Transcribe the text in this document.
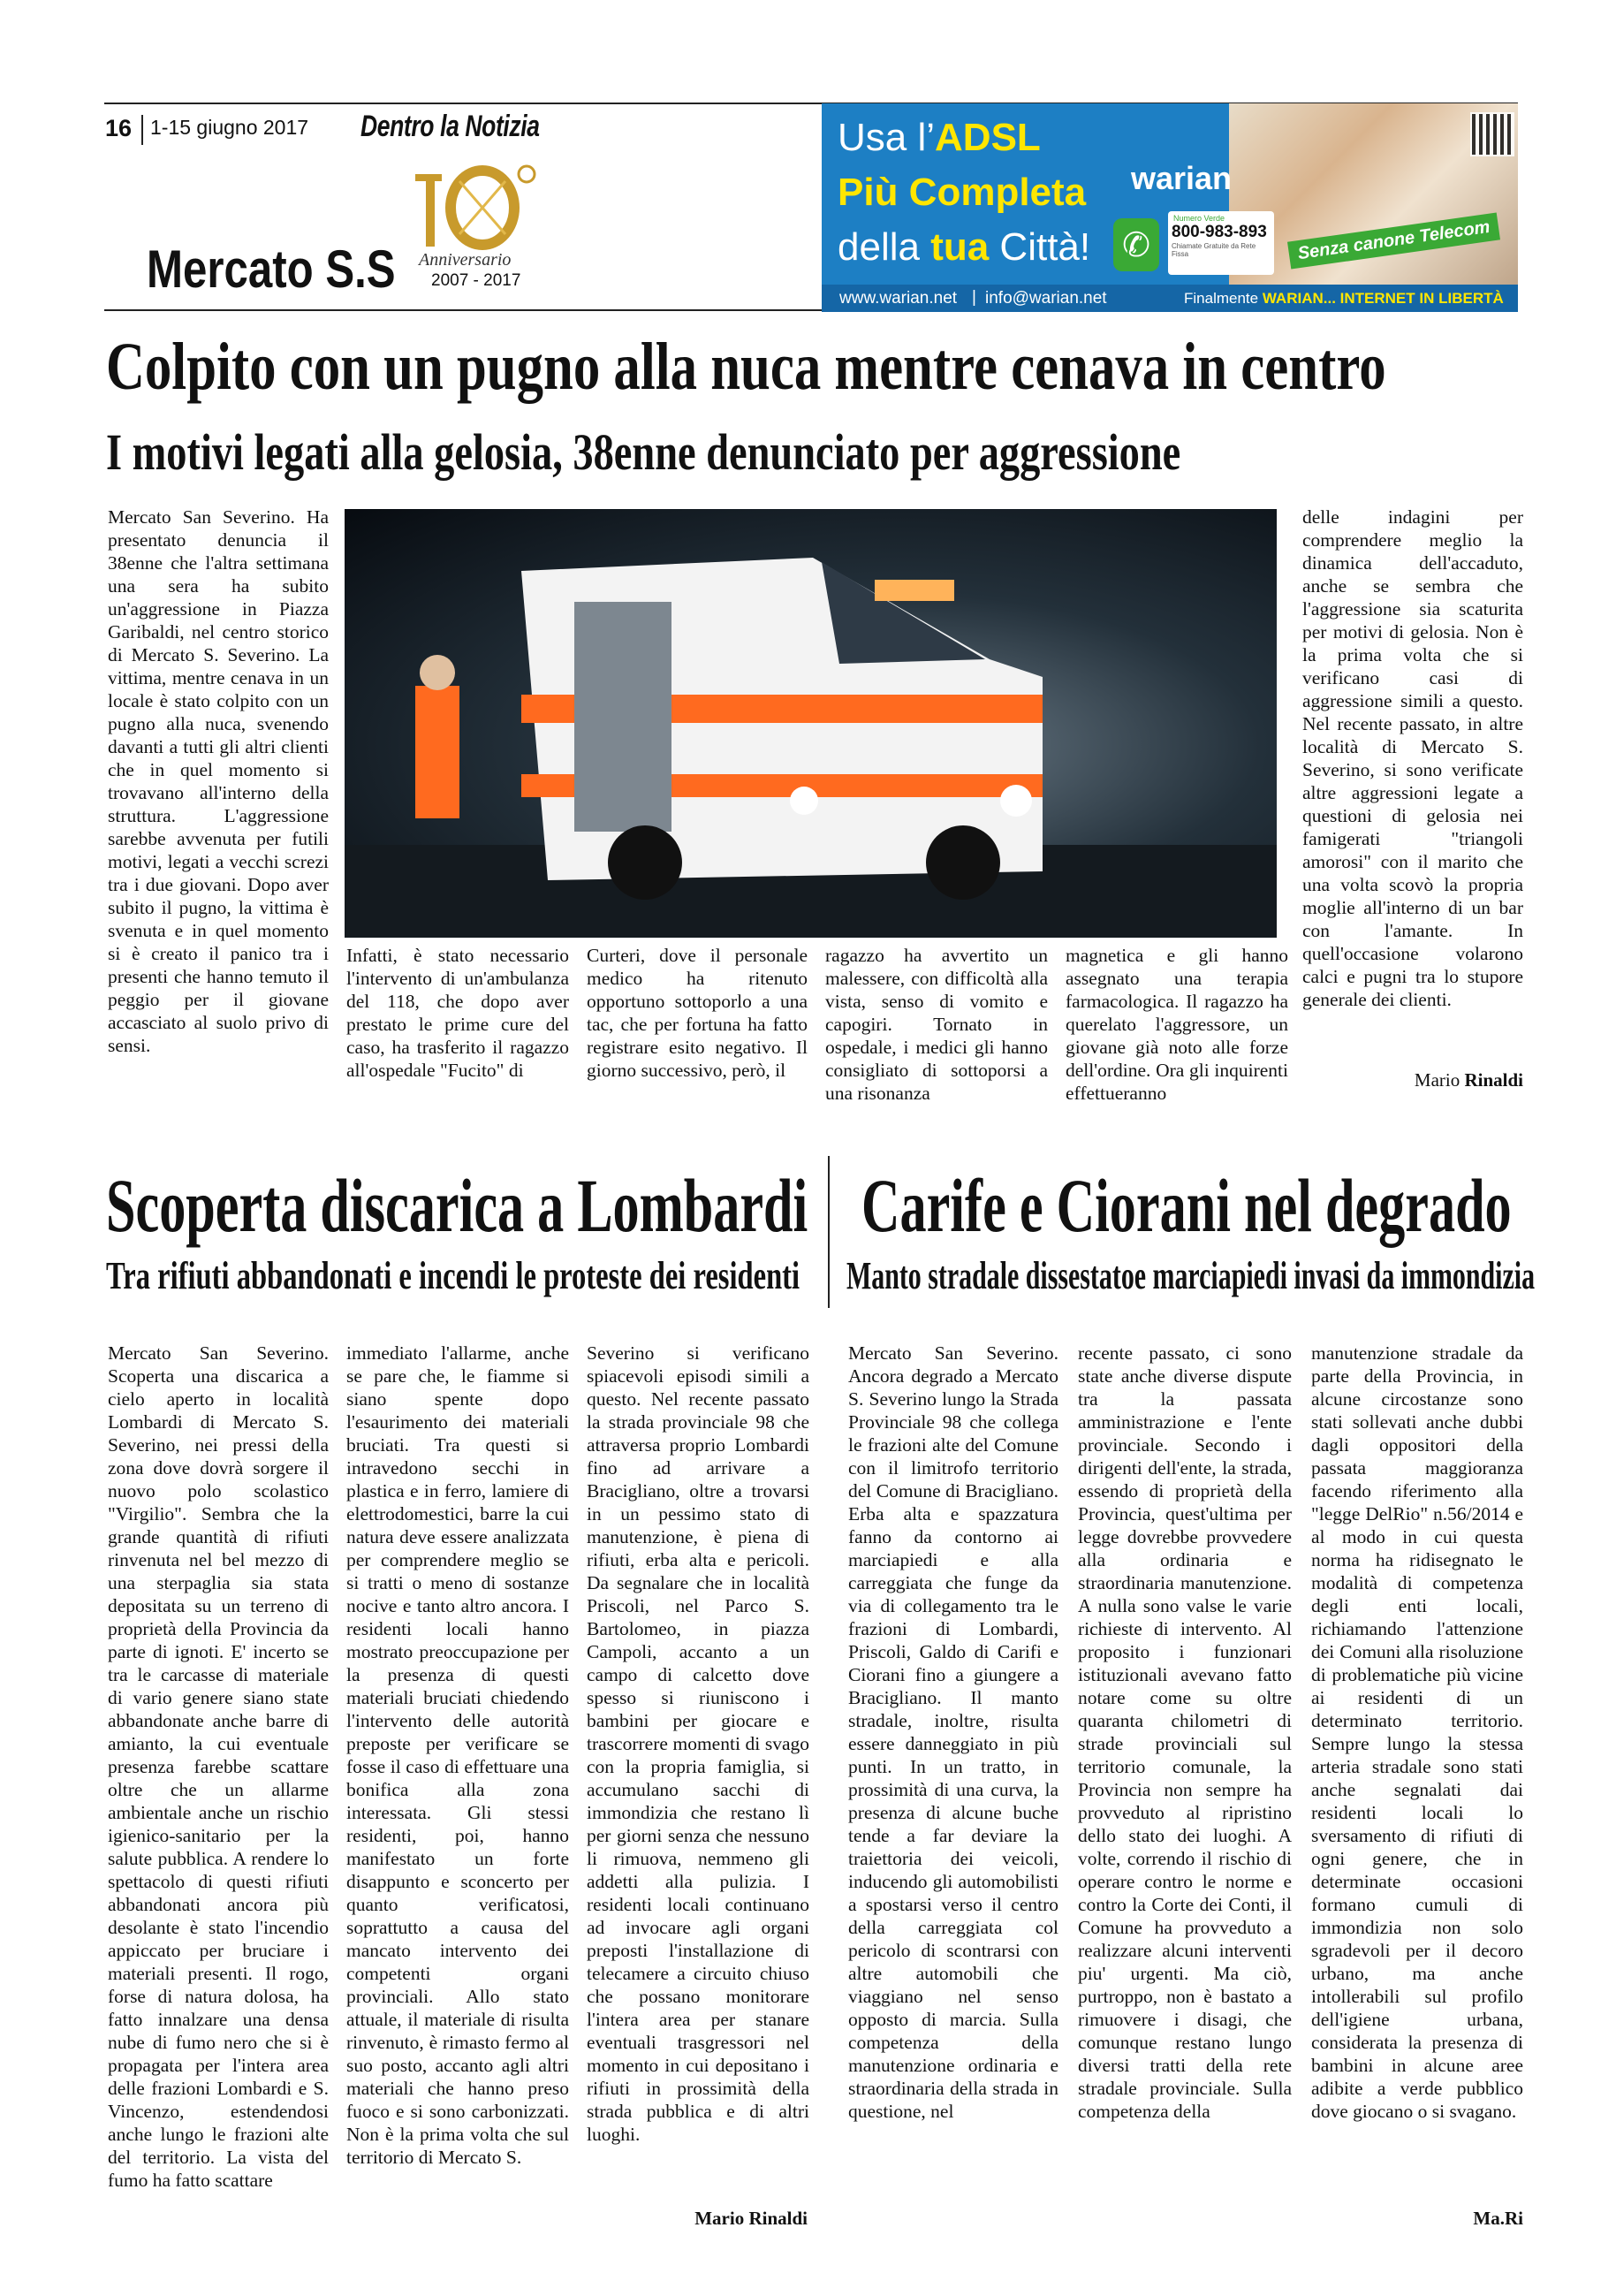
16 1-15 giugno 2017 Dentro la Notizia
Anniversario
2007 - 2017
Mercato S.S
Usa l’ADSL
Più Completa
della tua Città! ✆
warian
Numero Verde
800-983-893
Chiamate Gratuite da Rete Fissa	Senza canone Telecom
www.warian.net | info@warian.net	Finalmente WARIAN... INTERNET IN LIBERTÀ
Colpito con un pugno alla nuca mentre cenava in centro
I motivi legati alla gelosia, 38enne denunciato per aggressione
Mercato San Severino. Ha presentato denuncia il 38enne che l'altra settimana una sera ha subito un'aggressione in Piazza Garibaldi, nel centro storico di Mercato S. Severino. La vittima, mentre cenava in un locale è stato colpito con un pugno alla nuca, svenendo davanti a tutti gli altri clienti che in quel momento si trovavano all'interno della struttura. L'aggressione sarebbe avvenuta per futili motivi, legati a vecchi screzi tra i due giovani. Dopo aver subito il pugno, la vittima è svenuta e in quel momento si è creato il panico tra i presenti che hanno temuto il peggio per il giovane accasciato al suolo privo di sensi.
Infatti, è stato necessario l'intervento di un'ambulanza del 118, che dopo aver prestato le prime cure del caso, ha trasferito il ragazzo all'ospedale "Fucito" di
Curteri, dove il personale medico ha ritenuto opportuno sottoporlo a una tac, che per fortuna ha fatto registrare esito negativo. Il giorno successivo, però, il
ragazzo ha avvertito un malessere, con difficoltà alla vista, senso di vomito e capogiri. Tornato in ospedale, i medici gli hanno consigliato di sottoporsi a una risonanza
magnetica e gli hanno assegnato una terapia farmacologica. Il ragazzo ha querelato l'aggressore, un giovane già noto alle forze dell'ordine. Ora gli inquirenti effettueranno
delle indagini per comprendere meglio la dinamica dell'accaduto, anche se sembra che l'aggressione sia scaturita per motivi di gelosia. Non è la prima volta che si verificano casi di aggressione simili a questo. Nel recente passato, in altre località di Mercato S. Severino, si sono verificate altre aggressioni legate a questioni di gelosia nei famigerati "triangoli amorosi" con il marito che una volta scovò la propria moglie all'interno di un bar con l'amante. In quell'occasione volarono calci e pugni tra lo stupore generale dei clienti.
Mario Rinaldi
Scoperta discarica a Lombardi
Tra rifiuti abbandonati e incendi le proteste dei residenti
Mercato San Severino. Scoperta una discarica a cielo aperto in località Lombardi di Mercato S. Severino, nei pressi della zona dove dovrà sorgere il nuovo polo scolastico "Virgilio". Sembra che la grande quantità di rifiuti rinvenuta nel bel mezzo di una sterpaglia sia stata depositata su un terreno di proprietà della Provincia da parte di ignoti. E' incerto se tra le carcasse di materiale di vario genere siano state abbandonate anche barre di amianto, la cui eventuale presenza farebbe scattare oltre che un allarme ambientale anche un rischio igienico-sanitario per la salute pubblica. A rendere lo spettacolo di questi rifiuti abbandonati ancora più desolante è stato l'incendio appiccato per bruciare i materiali presenti. Il rogo, forse di natura dolosa, ha fatto innalzare una densa nube di fumo nero che si è propagata per l'intera area delle frazioni Lombardi e S. Vincenzo, estendendosi anche lungo le frazioni alte del territorio. La vista del fumo ha fatto scattare
immediato l'allarme, anche se pare che, le fiamme si siano spente dopo l'esaurimento dei materiali bruciati. Tra questi si intravedono secchi in plastica e in ferro, lamiere di elettrodomestici, barre la cui natura deve essere analizzata per comprendere meglio se si tratti o meno di sostanze nocive e tanto altro ancora. I residenti locali hanno mostrato preoccupazione per la presenza di questi materiali bruciati chiedendo l'intervento delle autorità preposte per verificare se fosse il caso di effettuare una bonifica alla zona interessata. Gli stessi residenti, poi, hanno manifestato un forte disappunto e sconcerto per quanto verificatosi, soprattutto a causa del mancato intervento dei competenti organi provinciali. Allo stato attuale, il materiale di risulta rinvenuto, è rimasto fermo al suo posto, accanto agli altri materiali che hanno preso fuoco e si sono carbonizzati. Non è la prima volta che sul territorio di Mercato S.
Severino si verificano spiacevoli episodi simili a questo. Nel recente passato la strada provinciale 98 che attraversa proprio Lombardi fino ad arrivare a Bracigliano, oltre a trovarsi in un pessimo stato di manutenzione, è piena di rifiuti, erba alta e pericoli. Da segnalare che in località Priscoli, nel Parco S. Bartolomeo, in piazza Campoli, accanto a un campo di calcetto dove spesso si riuniscono i bambini per giocare e trascorrere momenti di svago con la propria famiglia, si accumulano sacchi di immondizia che restano lì per giorni senza che nessuno li rimuova, nemmeno gli addetti alla pulizia. I residenti locali continuano ad invocare agli organi preposti l'installazione di telecamere a circuito chiuso che possano monitorare l'intera area per stanare eventuali trasgressori nel momento in cui depositano i rifiuti in prossimità della strada pubblica e di altri luoghi.
Mario Rinaldi
Carife e Ciorani nel degrado
Manto stradale dissestatoe marciapiedi invasi da immondizia
Mercato San Severino. Ancora degrado a Mercato S. Severino lungo la Strada Provinciale 98 che collega le frazioni alte del Comune con il limitrofo territorio del Comune di Bracigliano. Erba alta e spazzatura fanno da contorno ai marciapiedi e alla carreggiata che funge da via di collegamento tra le frazioni di Lombardi, Priscoli, Galdo di Carifi e Ciorani fino a giungere a Bracigliano. Il manto stradale, inoltre, risulta essere danneggiato in più punti. In un tratto, in prossimità di una curva, la presenza di alcune buche tende a far deviare la traiettoria dei veicoli, inducendo gli automobilisti a spostarsi verso il centro della carreggiata col pericolo di scontrarsi con altre automobili che viaggiano nel senso opposto di marcia. Sulla competenza della manutenzione ordinaria e straordinaria della strada in questione, nel
recente passato, ci sono state anche diverse dispute tra la passata amministrazione e l'ente provinciale. Secondo i dirigenti dell'ente, la strada, essendo di proprietà della Provincia, quest'ultima per legge dovrebbe provvedere alla ordinaria e straordinaria manutenzione. A nulla sono valse le varie richieste di intervento. Al proposito i funzionari istituzionali avevano fatto notare come su oltre quaranta chilometri di strade provinciali sul territorio comunale, la Provincia non sempre ha provveduto al ripristino dello stato dei luoghi. A volte, correndo il rischio di operare contro le norme e contro la Corte dei Conti, il Comune ha provveduto a realizzare alcuni interventi piu' urgenti. Ma ciò, purtroppo, non è bastato a rimuovere i disagi, che comunque restano lungo diversi tratti della rete stradale provinciale. Sulla competenza della
manutenzione stradale da parte della Provincia, in alcune circostanze sono stati sollevati anche dubbi dagli oppositori della passata maggioranza facendo riferimento alla "legge DelRio" n.56/2014 e al modo in cui questa norma ha ridisegnato le modalità di competenza degli enti locali, richiamando l'attenzione dei Comuni alla risoluzione di problematiche più vicine ai residenti di un determinato territorio. Sempre lungo la stessa arteria stradale sono stati anche segnalati dai residenti locali lo sversamento di rifiuti di ogni genere, che in determinate occasioni formano cumuli di immondizia non solo sgradevoli per il decoro urbano, ma anche intollerabili sul profilo dell'igiene urbana, considerata la presenza di bambini in alcune aree adibite a verde pubblico dove giocano o si svagano.
Ma.Ri
